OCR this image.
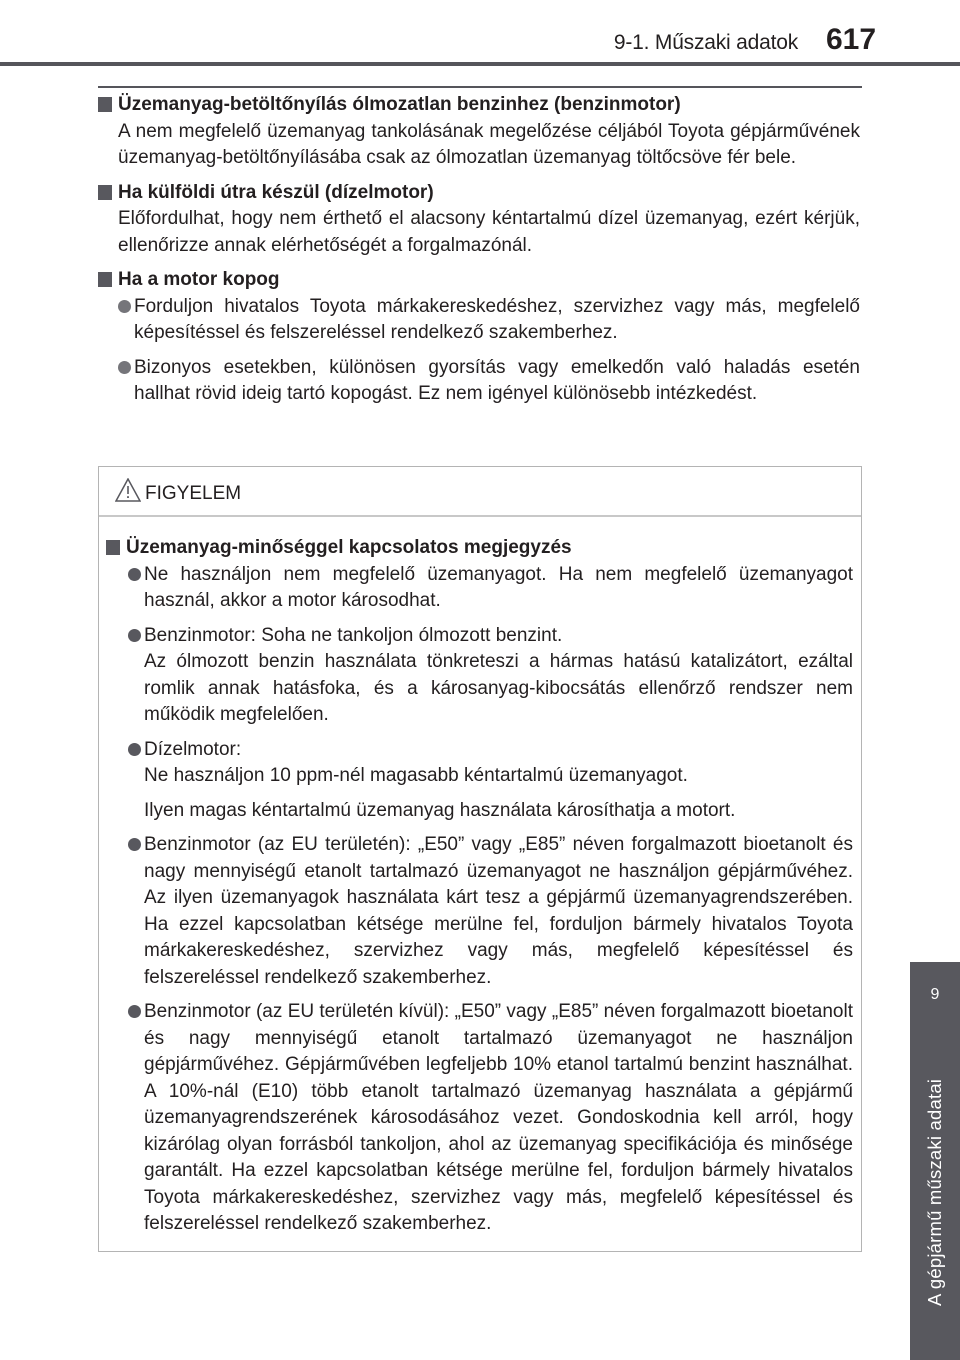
9-1. Műszaki adatok 617
9
A gépjármű műszaki adatai
Üzemanyag-betöltőnyílás ólmozatlan benzinhez (benzinmotor)
A nem megfelelő üzemanyag tankolásának megelőzése céljából Toyota gépjárművének üzemanyag-betöltőnyílásába csak az ólmozatlan üzemanyag töltőcsöve fér bele.
Ha külföldi útra készül (dízelmotor)
Előfordulhat, hogy nem érthető el alacsony kéntartalmú dízel üzemanyag, ezért kérjük, ellenőrizze annak elérhetőségét a forgalmazónál.
Ha a motor kopog
Forduljon hivatalos Toyota márkakereskedéshez, szervizhez vagy más, megfelelő képesítéssel és felszereléssel rendelkező szakemberhez.
Bizonyos esetekben, különösen gyorsítás vagy emelkedőn való haladás esetén hallhat rövid ideig tartó kopogást. Ez nem igényel különösebb intézkedést.
FIGYELEM
Üzemanyag-minőséggel kapcsolatos megjegyzés

Ne használjon nem megfelelő üzemanyagot. Ha nem megfelelő üzemanyagot használ, akkor a motor károsodhat.

Benzinmotor: Soha ne tankoljon ólmozott benzint.

Az ólmozott benzin használata tönkreteszi a hármas hatású katalizátort, ezáltal romlik annak hatásfoka, és a károsanyag-kibocsátás ellenőrző rendszer nem működik megfelelően.

Dízelmotor:

Ne használjon 10 ppm-nél magasabb kéntartalmú üzemanyagot.

Ilyen magas kéntartalmú üzemanyag használata károsíthatja a motort.

Benzinmotor (az EU területén): „E50” vagy „E85” néven forgalmazott bioetanolt és nagy mennyiségű etanolt tartalmazó üzemanyagot ne használjon gépjárművéhez. Az ilyen üzemanyagok használata kárt tesz a gépjármű üzemanyagrendszerében. Ha ezzel kapcsolatban kétsége merülne fel, forduljon bármely hivatalos Toyota márkakereskedéshez, szervizhez vagy más, megfelelő képesítéssel és felszereléssel rendelkező szakemberhez.

Benzinmotor (az EU területén kívül): „E50” vagy „E85” néven forgalmazott bioetanolt és nagy mennyiségű etanolt tartalmazó üzemanyagot ne használjon gépjárművéhez. Gépjárművében legfeljebb 10% etanol tartalmú benzint használhat. A 10%-nál (E10) több etanolt tartalmazó üzemanyag használata a gépjármű üzemanyagrendszerének károsodásához vezet. Gondoskodnia kell arról, hogy kizárólag olyan forrásból tankoljon, ahol az üzemanyag specifikációja és minősége garantált. Ha ezzel kapcsolatban kétsége merülne fel, forduljon bármely hivatalos Toyota márkakereskedéshez, szervizhez vagy más, megfelelő képesítéssel és felszereléssel rendelkező szakemberhez.
